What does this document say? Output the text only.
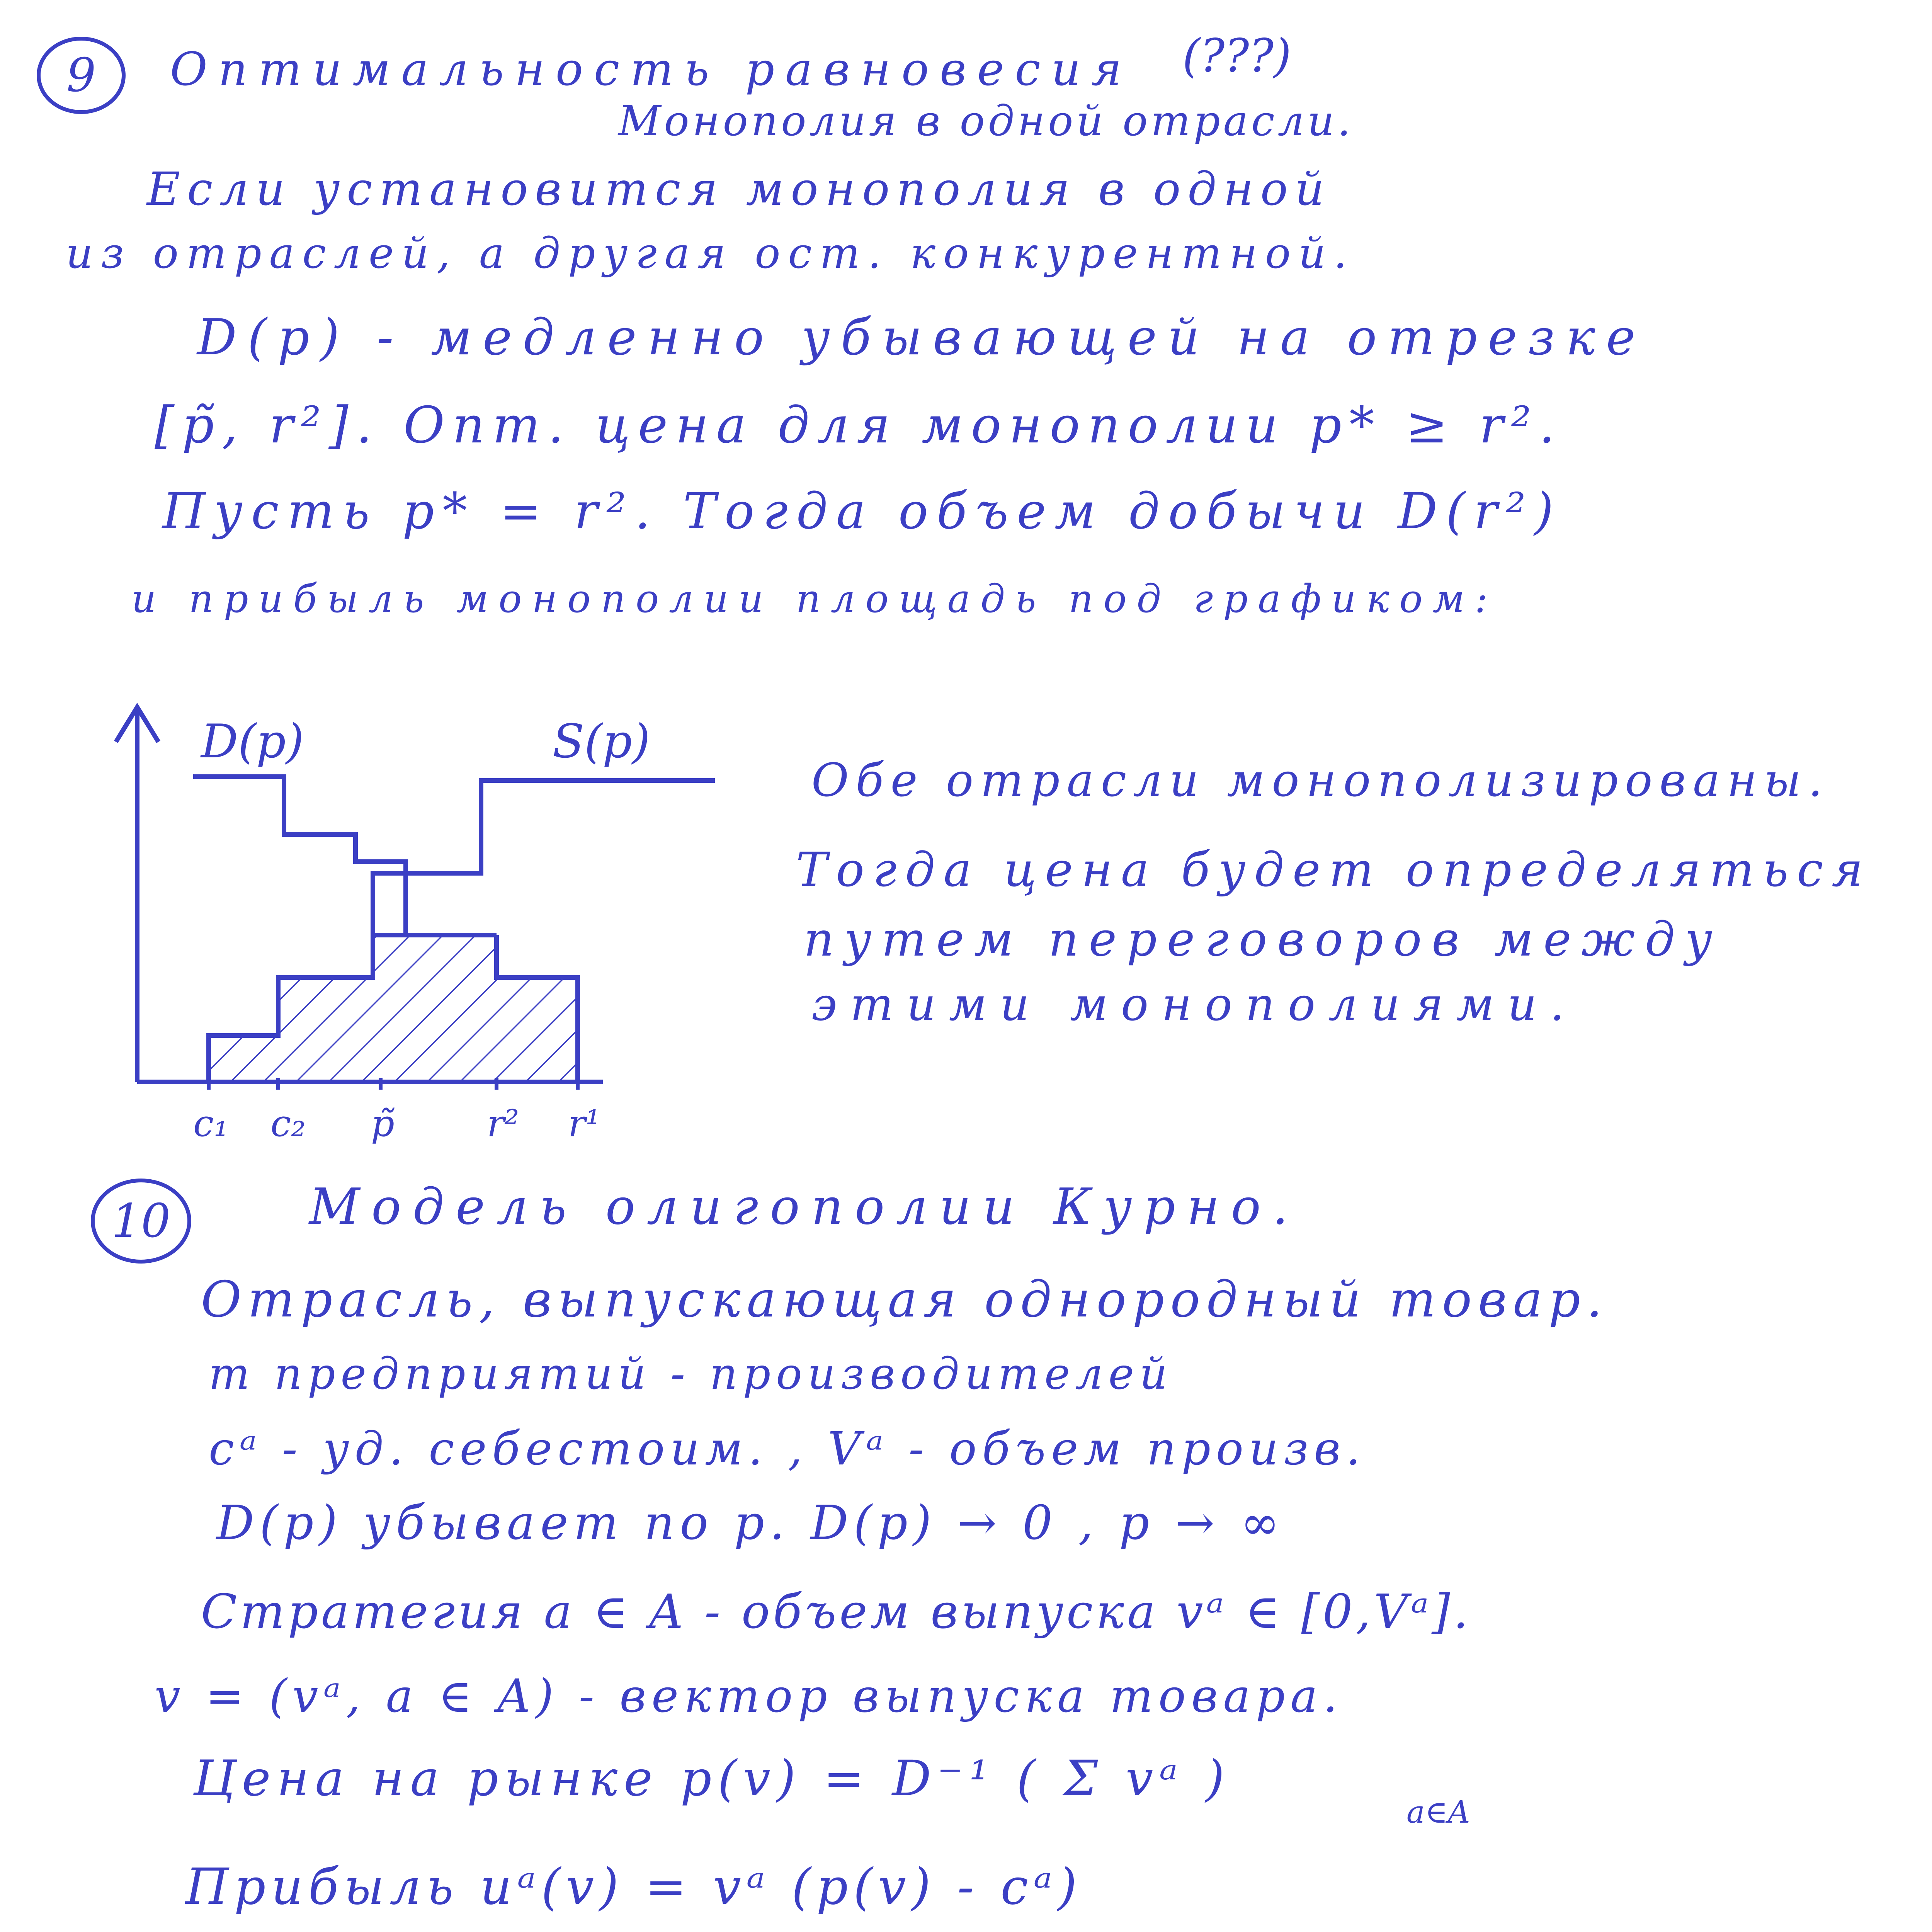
9 Оптимальность равновесия (???)
Монополия в одной отрасли.
Если установится монополия в одной
из отраслей, а другая ост. конкурентной.
D(p) - медленно убывающей на отрезке
[p̃, r²]. Опт. цена для монополии p* ≥ r².
Пусть p* = r². Тогда объем добычи D(r²)
и прибыль монополии площадь под графиком:
D(p)	S(p)
c₁ c₂ p̃	r² r¹
Обе отрасли монополизированы.
Тогда цена будет определяться
путем переговоров между
этими монополиями.
10	Модель олигополии Курно.
Отрасль, выпускающая однородный товар.
m предприятий - производителей
cᵃ - уд. себестоим. , Vᵃ - объем произв.
D(p) убывает по p. D(p) → 0 , p → ∞
Стратегия a ∈ A - объем выпуска vᵃ ∈ [0,Vᵃ].
v = (vᵃ, a ∈ A) - вектор выпуска товара.
Цена на рынке p(v) = D⁻¹ ( Σ vᵃ )
a∈A
Прибыль uᵃ(v) = vᵃ (p(v) - cᵃ)
